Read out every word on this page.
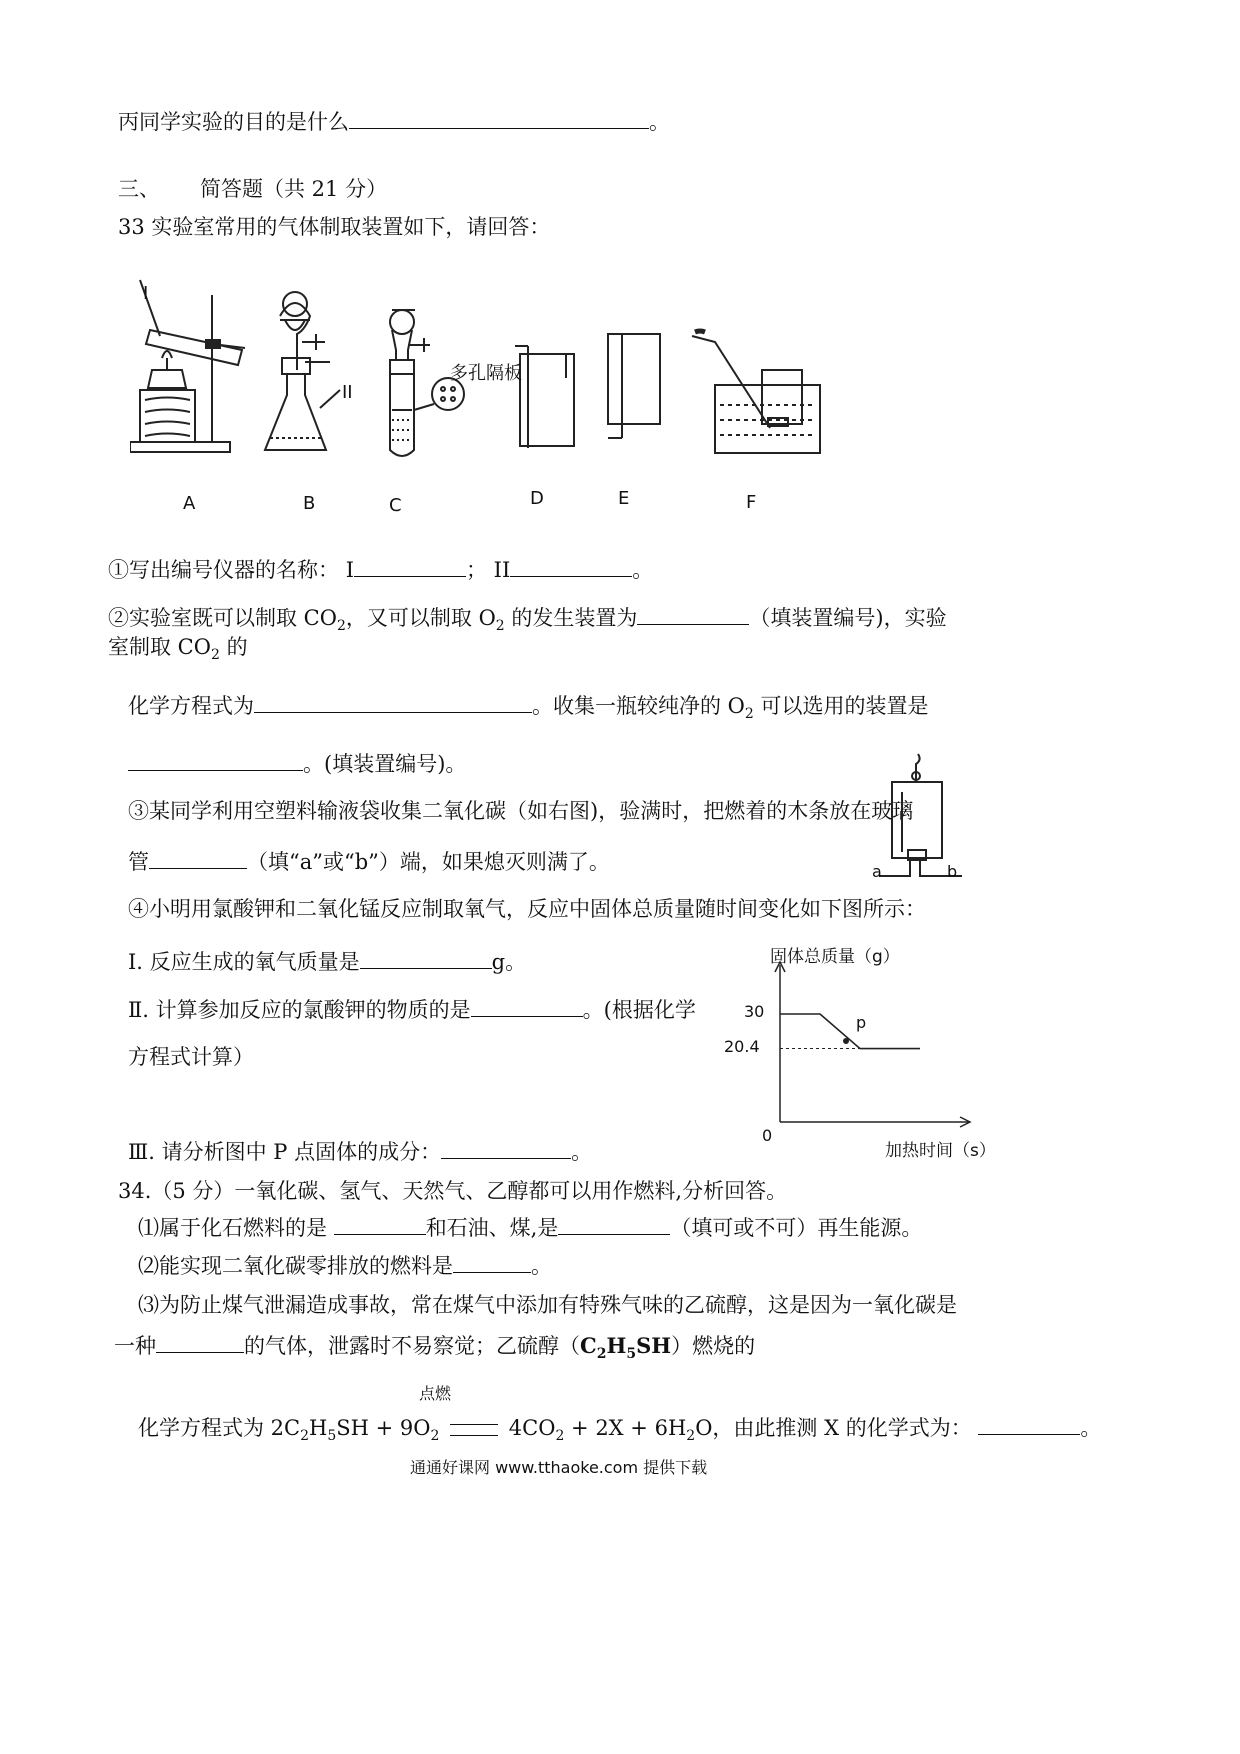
丙同学实验的目的是什么	。
三、 简答题（共 21 分）
33 实验室常用的气体制取装置如下，请回答：
I
II
多孔隔板
A	B	C	D	E	F
①写出编号仪器的名称： I	； II	。
②实验室既可以制取 $CO_2$，又可以制取 $O_2$ 的发生装置为	（填装置编号)，实验
室制取 $CO_2$ 的
化学方程式为	。收集一瓶较纯净的 $O_2$ 可以选用的装置是
。(填装置编号)。
③某同学利用空塑料输液袋收集二氧化碳（如右图)，验满时，把燃着的木条放在玻璃
管	（填“a”或“b”）端，如果熄灭则满了。	a	b
④小明用氯酸钾和二氧化锰反应制取氧气，反应中固体总质量随时间变化如下图所示：
Ⅰ. 反应生成的氧气质量是	g。
Ⅱ. 计算参加反应的氯酸钾的物质的是	。(根据化学
方程式计算）
Ⅲ. 请分析图中 P 点固体的成分：	。
固体总质量（g）
加热时间（s）
0
30
20.4
p
34.（5 分）一氧化碳、氢气、天然气、乙醇都可以用作燃料,分析回答。
⑴属于化石燃料的是	和石油、煤,是	（填可或不可）再生能源。
⑵能实现二氧化碳零排放的燃料是	。
⑶为防止煤气泄漏造成事故，常在煤气中添加有特殊气味的乙硫醇，这是因为一氧化碳是
一种	的气体，泄露时不易察觉；乙硫醇$(C_2H_5SH)$燃烧的
点燃
化学方程式为 $2C_2H_5SH + 9O_2$	$4CO_2 + 2X + 6H_2O$，由此推测 X 的化学式为：	。
通通好课网 www.tthaoke.com 提供下载
